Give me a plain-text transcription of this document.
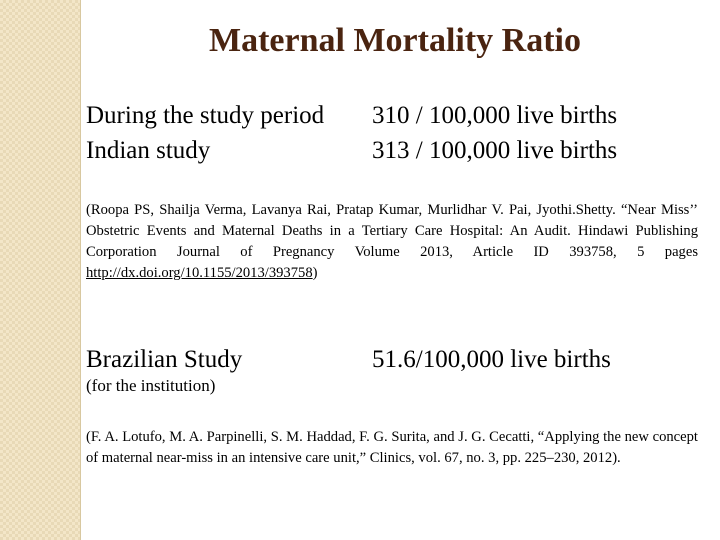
Maternal Mortality Ratio
During the study period 310 / 100,000 live births
Indian study	313 / 100,000 live births
(Roopa PS, Shailja Verma, Lavanya Rai, Pratap Kumar, Murlidhar V. Pai, Jyothi.Shetty. “Near Miss’’ Obstetric Events and Maternal Deaths in a Tertiary Care Hospital: An Audit. Hindawi Publishing Corporation Journal of Pregnancy Volume 2013, Article ID 393758, 5 pages http://dx.doi.org/10.1155/2013/393758)
Brazilian Study	51.6/100,000 live births
(for the institution)
(F. A. Lotufo, M. A. Parpinelli, S. M. Haddad, F. G. Surita, and J. G. Cecatti, “Applying the new concept of maternal near-miss in an intensive care unit,” Clinics, vol. 67, no. 3, pp. 225–230, 2012).
